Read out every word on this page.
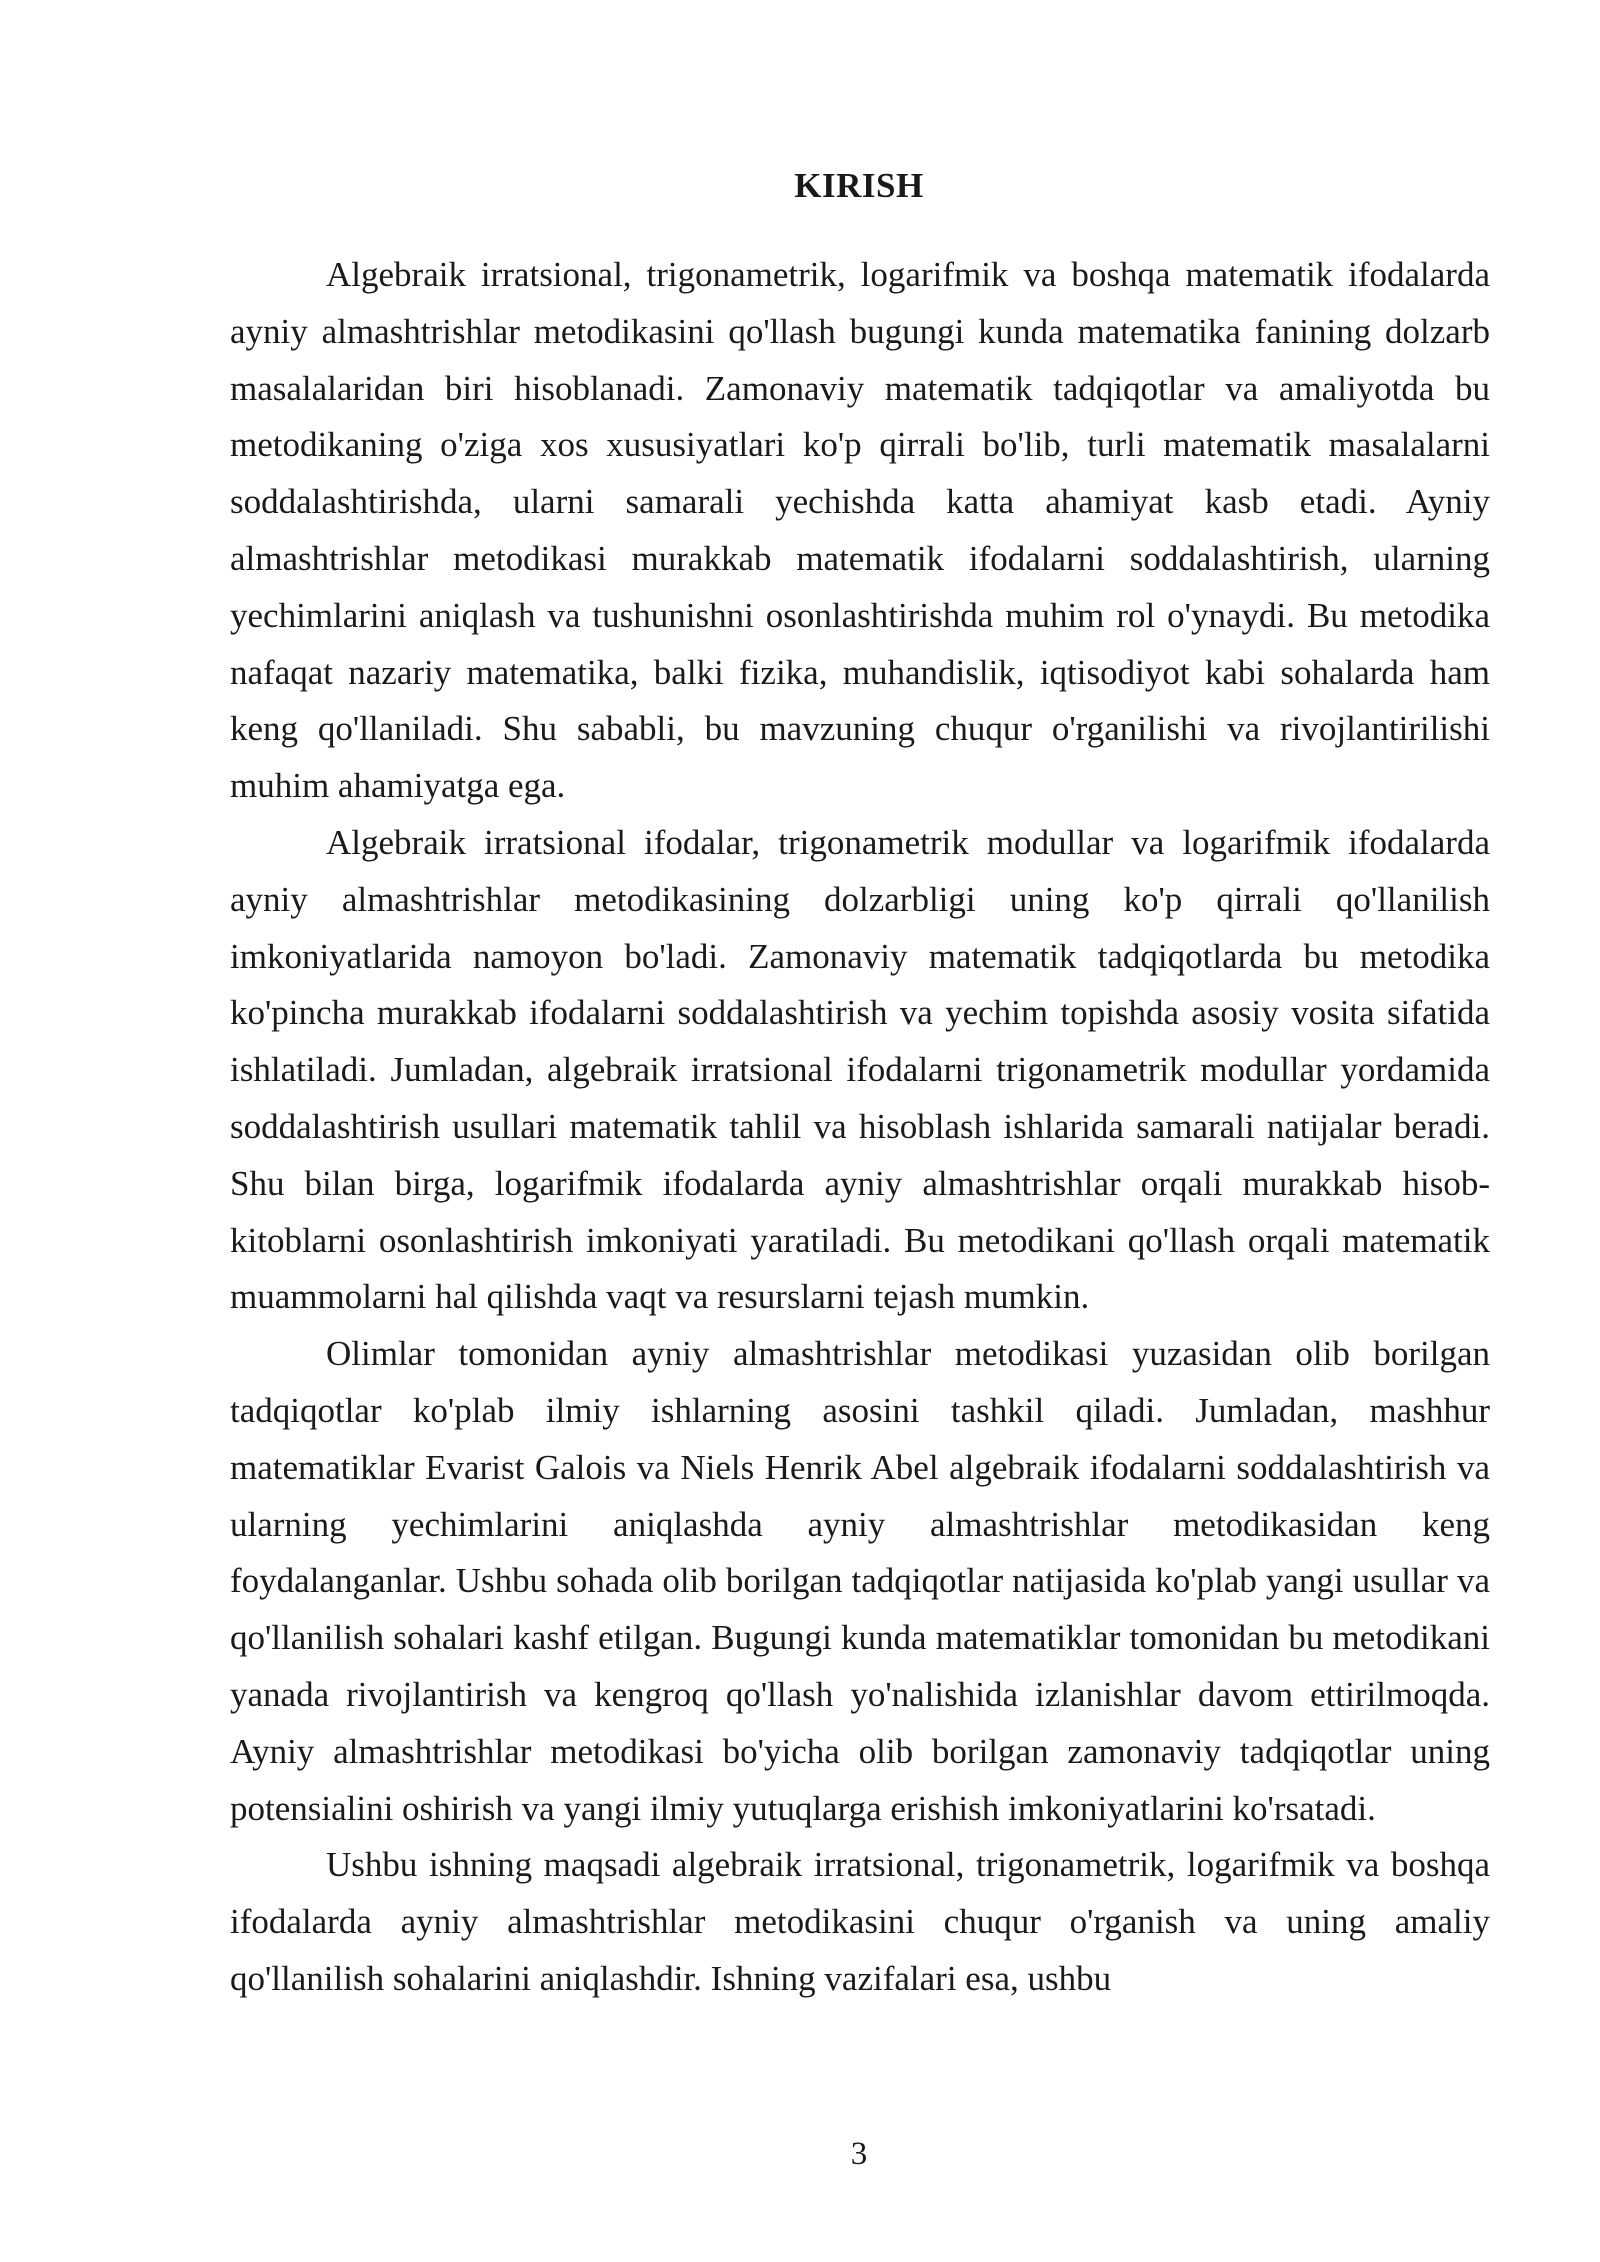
KIRISH

Algebraik irratsional, trigonametrik, logarifmik va boshqa matematik ifodalarda ayniy almashtrishlar metodikasini qo'llash bugungi kunda matematika fanining dolzarb masalalaridan biri hisoblanadi. Zamonaviy matematik tadqiqotlar va amaliyotda bu metodikaning o'ziga xos xususiyatlari ko'p qirrali bo'lib, turli matematik masalalarni soddalashtirishda, ularni samarali yechishda katta ahamiyat kasb etadi. Ayniy almashtrishlar metodikasi murakkab matematik ifodalarni soddalashtirish, ularning yechimlarini aniqlash va tushunishni osonlashtirishda muhim rol o'ynaydi. Bu metodika nafaqat nazariy matematika, balki fizika, muhandislik, iqtisodiyot kabi sohalarda ham keng qo'llaniladi. Shu sababli, bu mavzuning chuqur o'rganilishi va rivojlantirilishi muhim ahamiyatga ega.

Algebraik irratsional ifodalar, trigonametrik modullar va logarifmik ifodalarda ayniy almashtrishlar metodikasining dolzarbligi uning ko'p qirrali qo'llanilish imkoniyatlarida namoyon bo'ladi. Zamonaviy matematik tadqiqotlarda bu metodika ko'pincha murakkab ifodalarni soddalashtirish va yechim topishda asosiy vosita sifatida ishlatiladi. Jumladan, algebraik irratsional ifodalarni trigonametrik modullar yordamida soddalashtirish usullari matematik tahlil va hisoblash ishlarida samarali natijalar beradi. Shu bilan birga, logarifmik ifodalarda ayniy almashtrishlar orqali murakkab hisob-kitoblarni osonlashtirish imkoniyati yaratiladi. Bu metodikani qo'llash orqali matematik muammolarni hal qilishda vaqt va resurslarni tejash mumkin.

Olimlar tomonidan ayniy almashtrishlar metodikasi yuzasidan olib borilgan tadqiqotlar ko'plab ilmiy ishlarning asosini tashkil qiladi. Jumladan, mashhur matematiklar Evarist Galois va Niels Henrik Abel algebraik ifodalarni soddalashtirish va ularning yechimlarini aniqlashda ayniy almashtrishlar metodikasidan keng foydalanganlar. Ushbu sohada olib borilgan tadqiqotlar natijasida ko'plab yangi usullar va qo'llanilish sohalari kashf etilgan. Bugungi kunda matematiklar tomonidan bu metodikani yanada rivojlantirish va kengroq qo'llash yo'nalishida izlanishlar davom ettirilmoqda. Ayniy almashtrishlar metodikasi bo'yicha olib borilgan zamonaviy tadqiqotlar uning potensialini oshirish va yangi ilmiy yutuqlarga erishish imkoniyatlarini ko'rsatadi.

Ushbu ishning maqsadi algebraik irratsional, trigonametrik, logarifmik va boshqa ifodalarda ayniy almashtrishlar metodikasini chuqur o'rganish va uning amaliy qo'llanilish sohalarini aniqlashdir. Ishning vazifalari esa, ushbu

3
